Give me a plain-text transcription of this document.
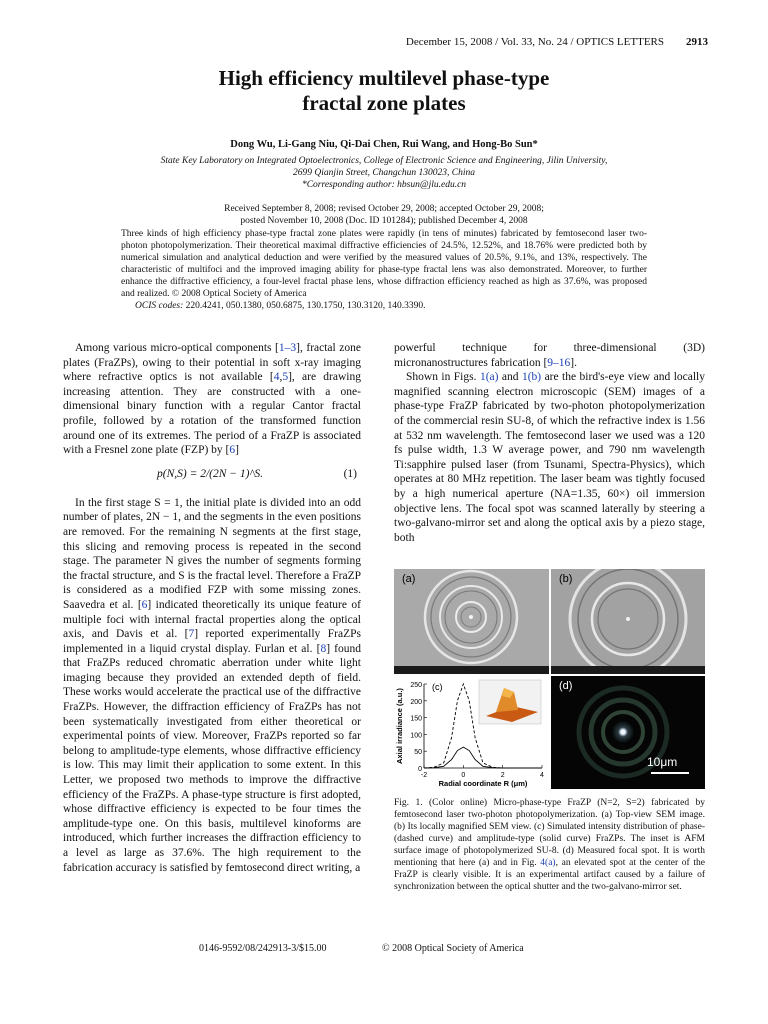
December 15, 2008 / Vol. 33, No. 24 / OPTICS LETTERS 2913
High efficiency multilevel phase-type
fractal zone plates
Dong Wu, Li-Gang Niu, Qi-Dai Chen, Rui Wang, and Hong-Bo Sun*
State Key Laboratory on Integrated Optoelectronics, College of Electronic Science and Engineering, Jilin University,
2699 Qianjin Street, Changchun 130023, China
*Corresponding author: hbsun@jlu.edu.cn
Received September 8, 2008; revised October 29, 2008; accepted October 29, 2008;
posted November 10, 2008 (Doc. ID 101284); published December 4, 2008
Three kinds of high efficiency phase-type fractal zone plates were rapidly (in tens of minutes) fabricated by femtosecond laser two-photon photopolymerization. Their theoretical maximal diffractive efficiencies of 24.5%, 12.52%, and 18.76% were predicted both by numerical simulation and analytical deduction and were verified by the measured values of 20.5%, 9.1%, and 13%, respectively. The characteristic of multifoci and the improved imaging ability for phase-type fractal lens was also demonstrated. Moreover, to further enhance the diffractive efficiency, a four-level fractal phase lens, whose diffraction efficiency reached as high as 37.6%, was proposed and realized. © 2008 Optical Society of America
OCIS codes: 220.4241, 050.1380, 050.6875, 130.1750, 130.3120, 140.3390.

Among various micro-optical components [1–3], fractal zone plates (FraZPs), owing to their potential in soft x-ray imaging where refractive optics is not available [4,5], are drawing increasing attention. They are constructed with a one-dimensional binary function with a regular Cantor fractal profile, followed by a rotation of the transformed function around one of its extremes. The period of a FraZP is associated with a Fresnel zone plate (FZP) by [6]

p(N,S) = 2/(2N − 1)^S.	(1)

In the first stage S = 1, the initial plate is divided into an odd number of plates, 2N − 1, and the segments in the even positions are removed. For the remaining N segments at the first stage, this slicing and removing process is repeated in the second stage. The parameter N gives the number of segments forming the fractal structure, and S is the fractal level. Therefore a FraZP is considered as a modified FZP with some missing zones. Saavedra et al. [6] indicated theoretically its unique feature of multiple foci with internal fractal properties along the optical axis, and Davis et al. [7] reported experimentally FraZPs implemented in a liquid crystal display. Furlan et al. [8] found that FraZPs reduced chromatic aberration under white light imaging because they provided an extended depth of field. These works would accelerate the practical use of the diffractive FraZPs. However, the diffraction efficiency of FraZPs has not been systematically investigated from either theoretical or experimental points of view. Moreover, FraZPs reported so far belong to amplitude-type elements, whose diffractive efficiency is low. This may limit their application to some extent. In this Letter, we proposed two methods to improve the diffractive efficiency of the FraZPs. A phase-type structure is first adopted, whose diffractive efficiency is expected to be four times the amplitude-type one. On this basis, multilevel kinoforms are introduced, which further increases the diffraction efficiency to a level as large as 37.6%. The high requirement to the fabrication accuracy is satisfied by femtosecond direct writing, a

powerful technique for three-dimensional (3D) micronanostructures fabrication [9–16].

Shown in Figs. 1(a) and 1(b) are the bird's-eye view and locally magnified scanning electron microscopic (SEM) images of a phase-type FraZP fabricated by two-photon photopolymerization of the commercial resin SU-8, of which the refractive index is 1.56 at 532 nm wavelength. The femtosecond laser we used was a 120 fs pulse width, 1.3 W average power, and 790 nm wavelength Ti:sapphire pulsed laser (from Tsunami, Spectra-Physics), which operates at 80 MHz repetition. The laser beam was tightly focused by a high numerical aperture (NA=1.35, 60×) oil immersion objective lens. The focal spot was scanned laterally by steering a two-galvano-mirror set and along the optical axis by a piezo stage, both

(a)	(b)
0
50
100
150
200
250
-2	0	2	4
Radial coordinate R (μm)
Axial irradiance (a.u.)
(c)
10μm
(d)
Fig. 1. (Color online) Micro-phase-type FraZP (N=2, S=2) fabricated by femtosecond laser two-photon photopolymerization. (a) Top-view SEM image. (b) Its locally magnified SEM view. (c) Simulated intensity distribution of phase- (dashed curve) and amplitude-type (solid curve) FraZPs. The inset is AFM surface image of photopolymerized SU-8. (d) Measured focal spot. It is worth mentioning that here (a) and in Fig. 4(a), an elevated spot at the center of the FraZP is clearly visible. It is an experimental artifact caused by a failure of synchronization between the optical shutter and the two-galvano-mirror set.
0146-9592/08/242913-3/$15.00	© 2008 Optical Society of America
